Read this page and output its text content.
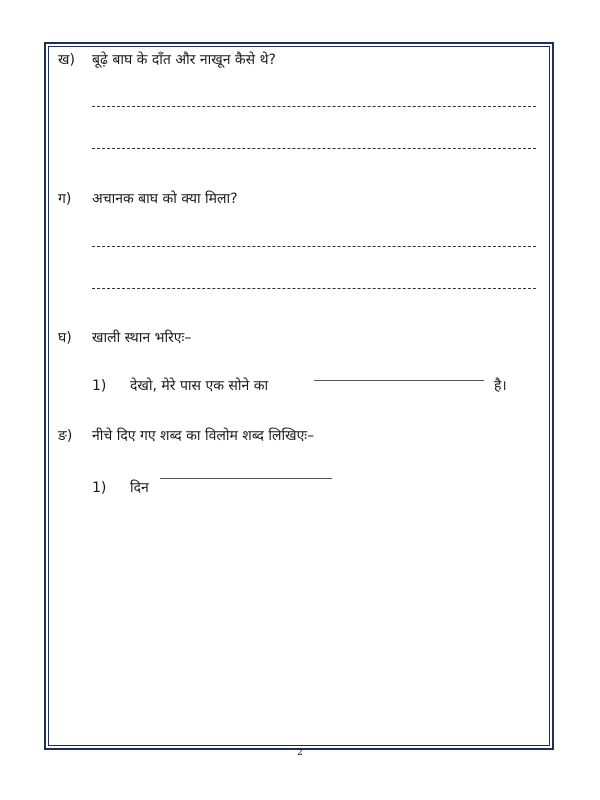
ख) बूढ़े बाघ के दाँत और नाखून कैसे थे?
ग) अचानक बाघ को क्या मिला?
घ) खाली स्थान भरिएः–
1) देखो, मेरे पास एक सोने का	है।
ङ) नीचे दिए गए शब्द का विलोम शब्द लिखिएः–
1) दिन
2
